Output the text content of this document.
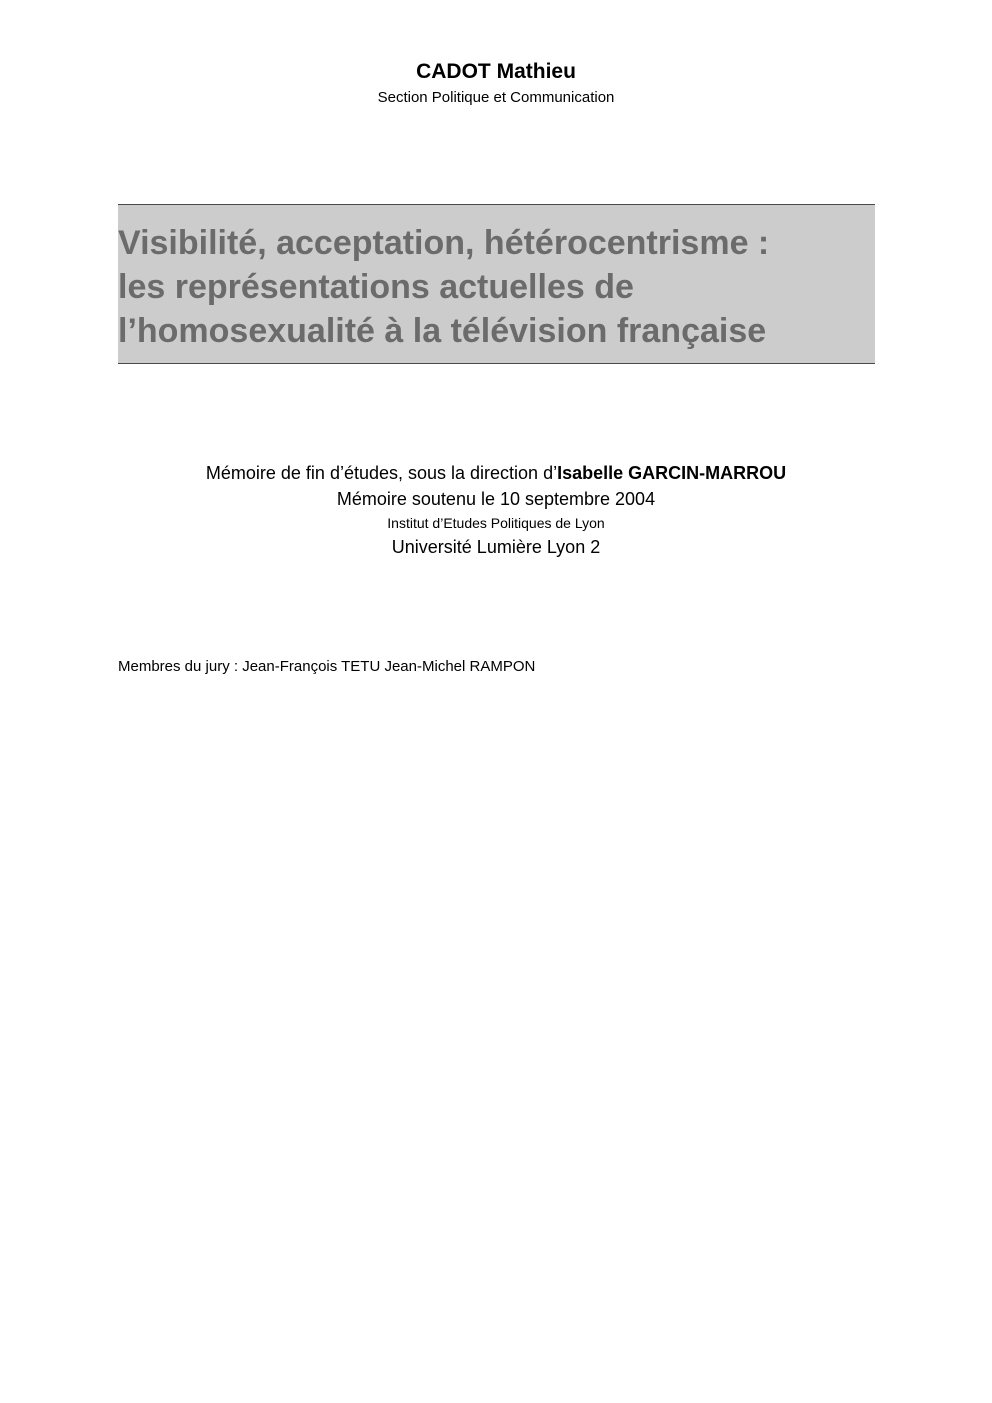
CADOT Mathieu
Section Politique et Communication
Visibilité, acceptation, hétérocentrisme :
les représentations actuelles de
l’homosexualité à la télévision française
Mémoire de fin d’études, sous la direction d’Isabelle GARCIN-MARROU
Mémoire soutenu le 10 septembre 2004
Institut d’Etudes Politiques de Lyon
Université Lumière Lyon 2
Membres du jury : Jean-François TETU Jean-Michel RAMPON
